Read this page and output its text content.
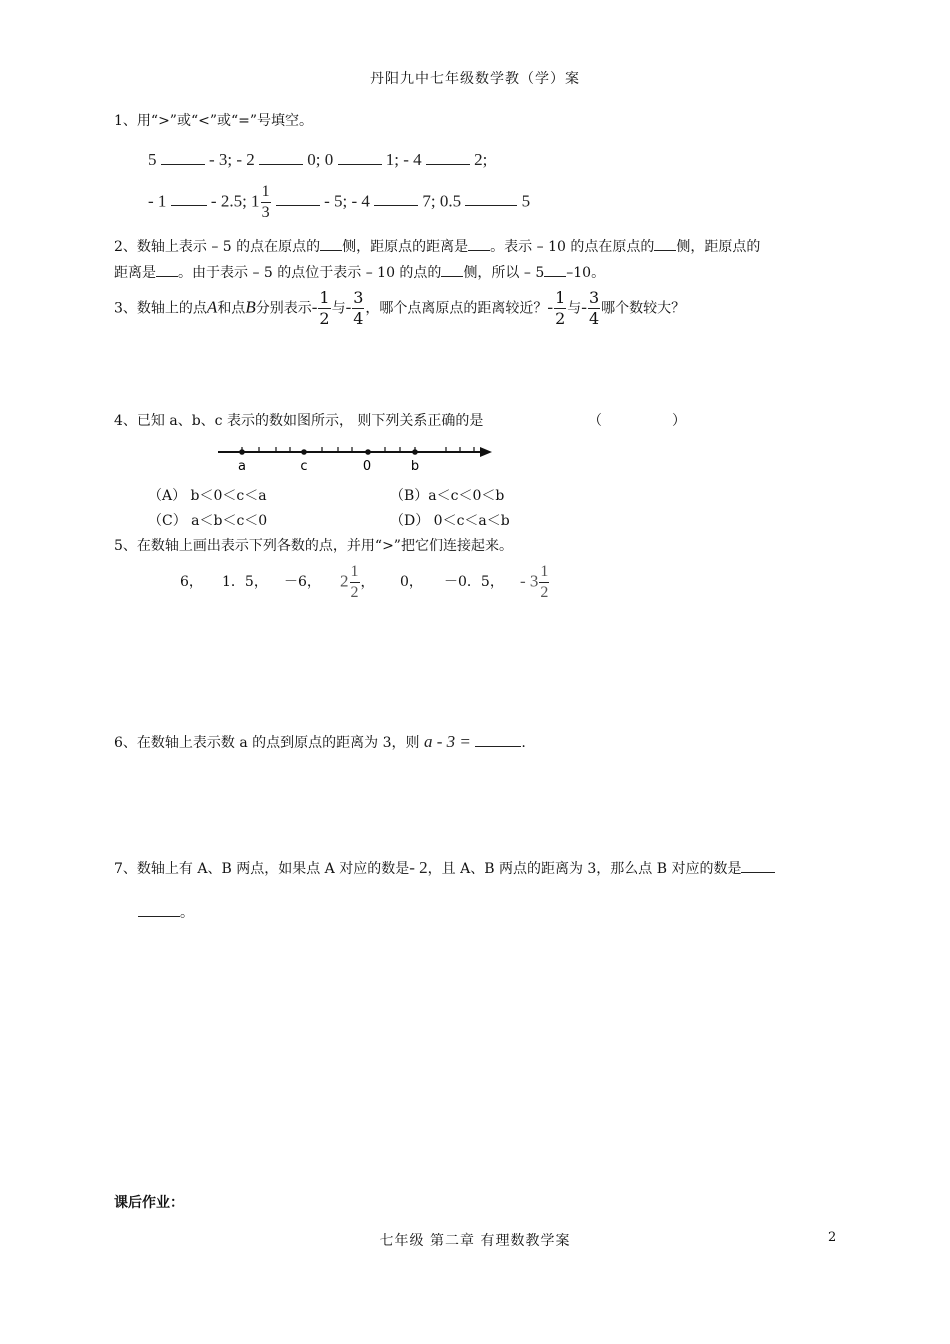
丹阳九中七年级数学教（学）案
1、用“>”或“<”或“=”号填空。
5	- 3; - 2	0; 0	1; - 4	2;
- 1	- 2.5; $1 \frac{1}{3}$	- 5; - 4	7; 0.5	5
2、数轴上表示 – 5 的点在原点的 侧，距原点的距离是 。表示 – 10 的点在原点的 侧，距原点的
距离是 。由于表示 – 5 的点位于表示 – 10 的点的 侧，所以 – 5 –10。
3、数轴上的点A和点B分别表示- $\frac{1}{2}$ 与- $\frac{3}{4}$ ，哪个点离原点的距离较近？- $\frac{1}{2}$ 与- $\frac{3}{4}$ 哪个数较大？
4、已知 a、b、c 表示的数如图所示， 则下列关系正确的是	（　　　　　）
a	c	0	b
（A） b＜0＜c＜a	（B）a＜c＜0＜b
（C） a＜b＜c＜0	（D） 0＜c＜a＜b
5、在数轴上画出表示下列各数的点，并用“>”把它们连接起来。
6， 1．5， －6， $2 \frac{1}{2}$ ， 0， －0．5， - $3 \frac{1}{2}$
6、在数轴上表示数 a 的点到原点的距离为 3，则 a - 3 =	.
7、数轴上有 A、B 两点，如果点 A 对应的数是- 2，且 A、B 两点的距离为 3，那么点 B 对应的数是
。
课后作业：
七年级 第二章 有理数教学案	2
